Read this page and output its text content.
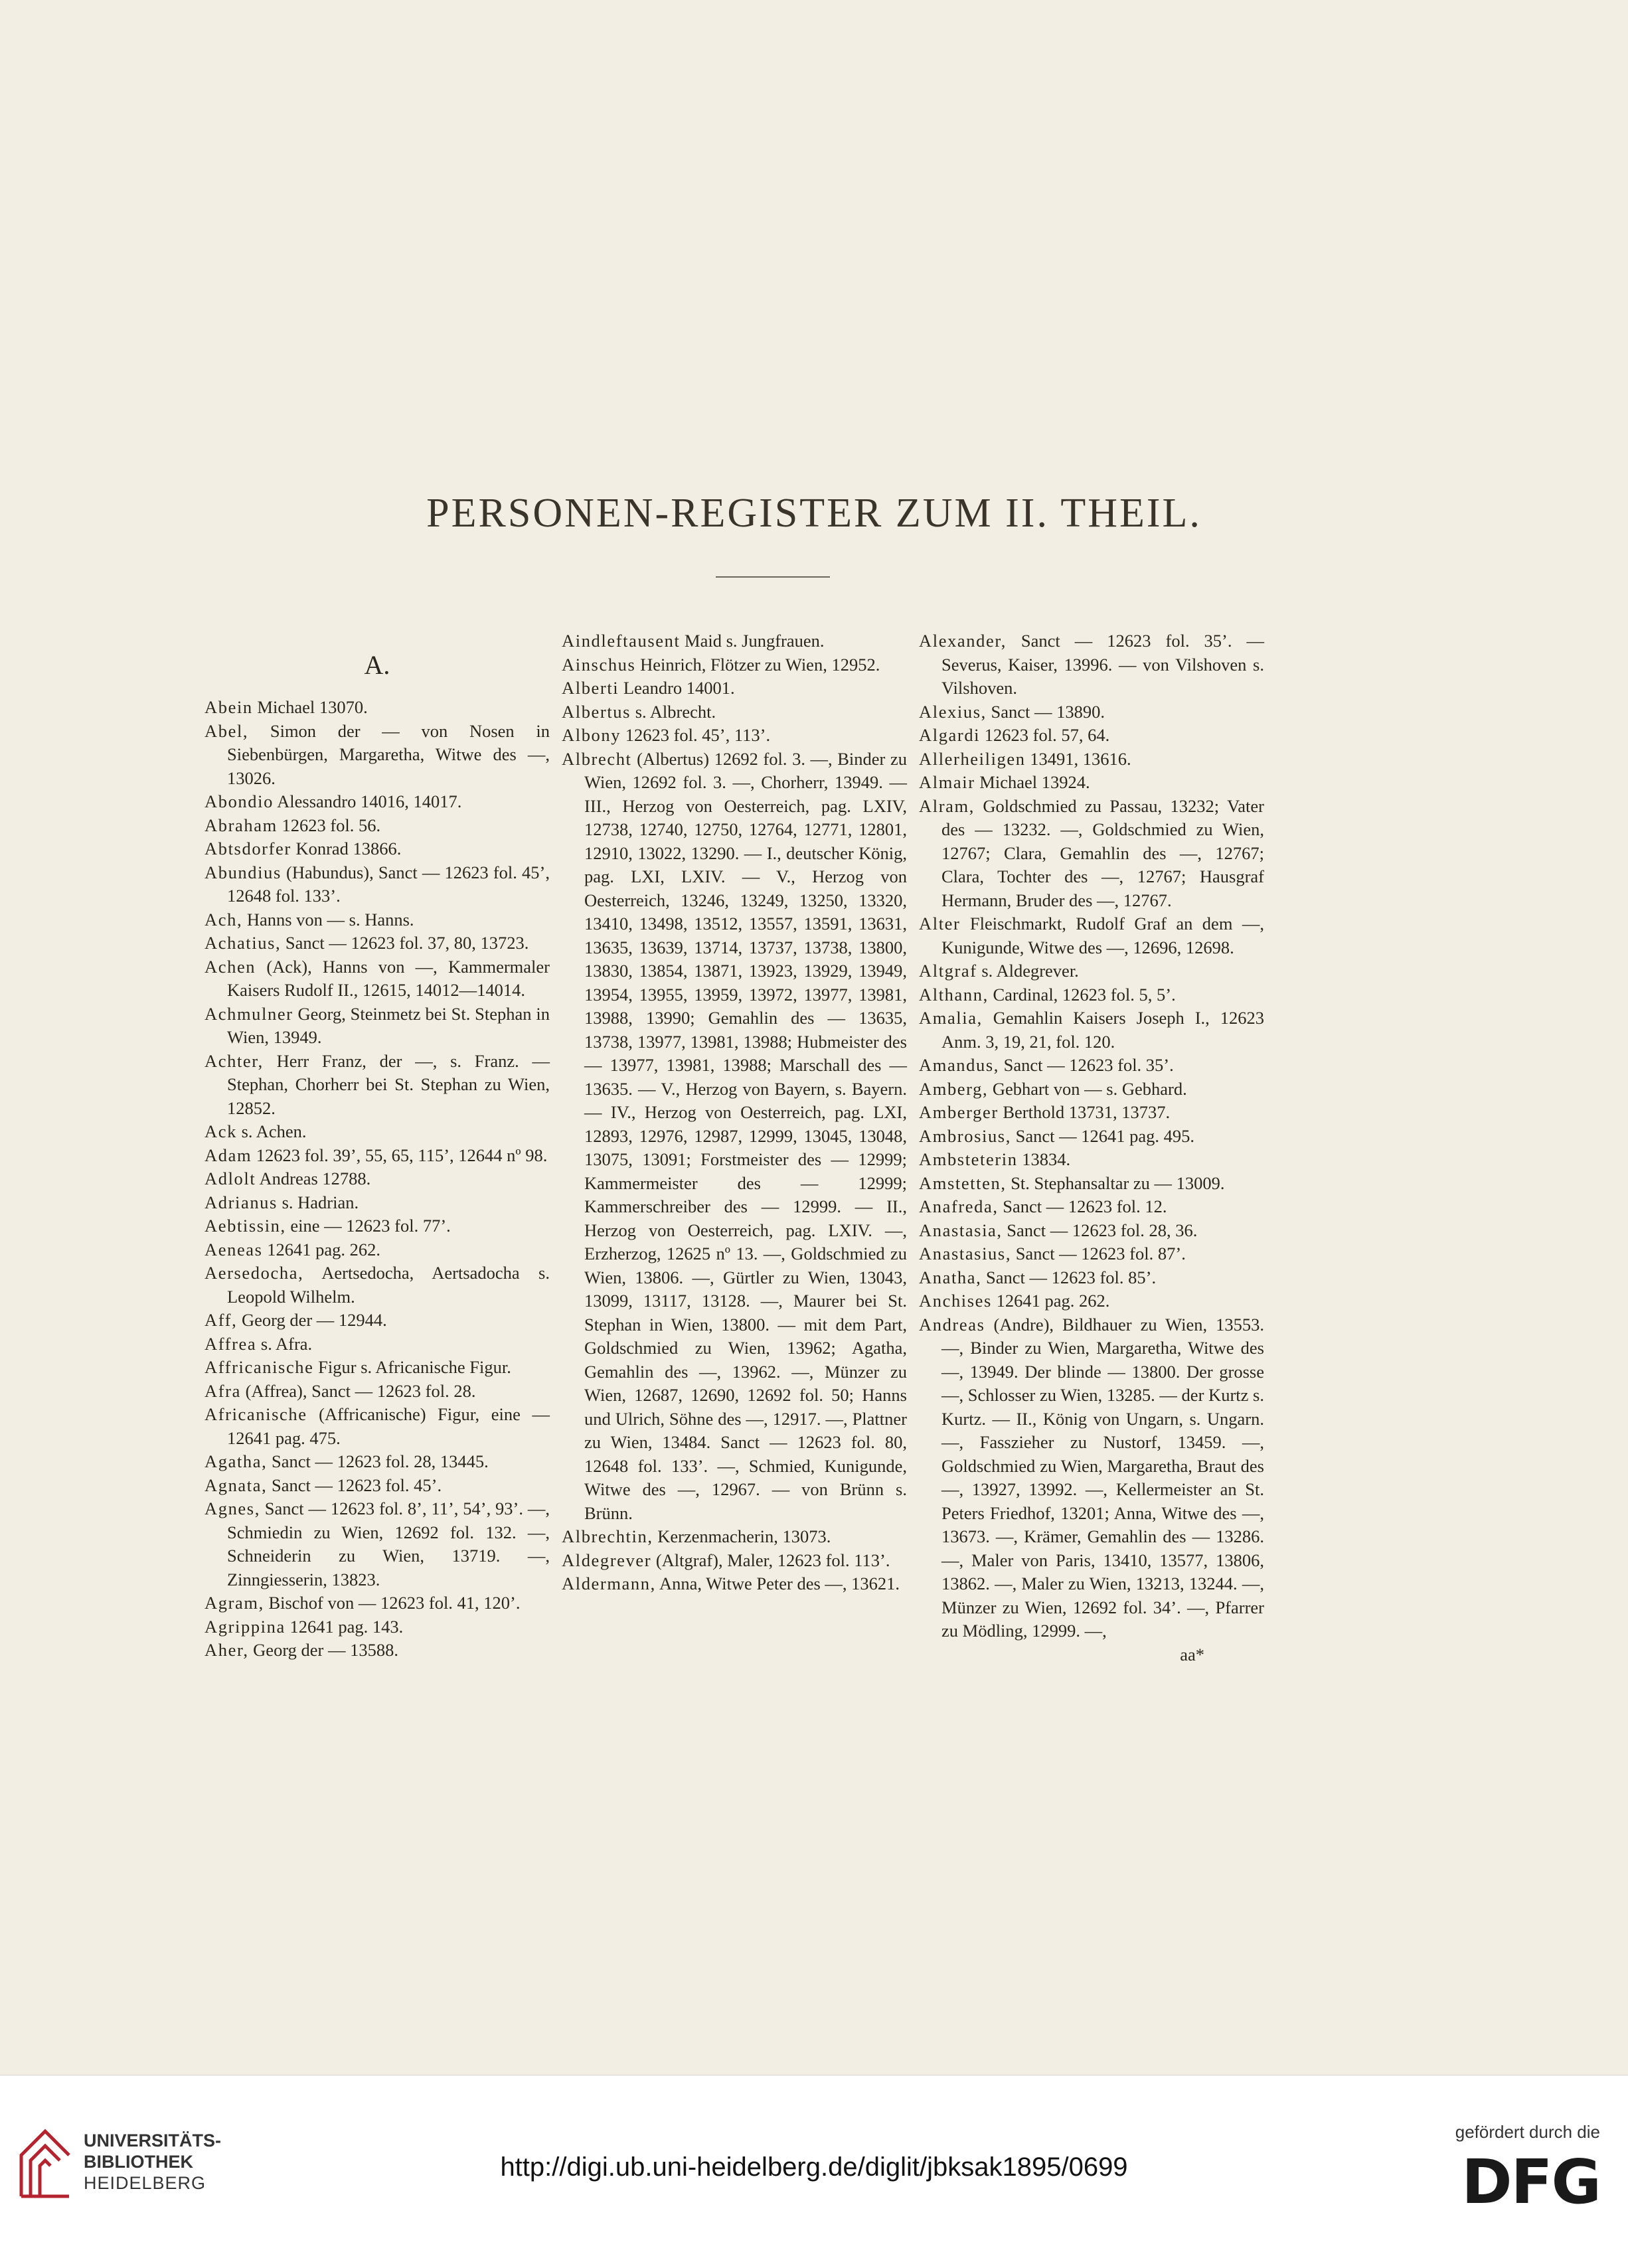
PERSONEN-REGISTER ZUM II. THEIL.
A.

Abein Michael 13070.

Abel, Simon der — von Nosen in Siebenbürgen, Margaretha, Witwe des —, 13026.

Abondio Alessandro 14016, 14017.

Abraham 12623 fol. 56.

Abtsdorfer Konrad 13866.

Abundius (Habundus), Sanct — 12623 fol. 45’, 12648 fol. 133’.

Ach, Hanns von — s. Hanns.

Achatius, Sanct — 12623 fol. 37, 80, 13723.

Achen (Ack), Hanns von —, Kammermaler Kaisers Rudolf II., 12615, 14012—14014.

Achmulner Georg, Steinmetz bei St. Stephan in Wien, 13949.

Achter, Herr Franz, der —, s. Franz. — Stephan, Chorherr bei St. Stephan zu Wien, 12852.

Ack s. Achen.

Adam 12623 fol. 39’, 55, 65, 115’, 12644 nº 98.

Adlolt Andreas 12788.

Adrianus s. Hadrian.

Aebtissin, eine — 12623 fol. 77’.

Aeneas 12641 pag. 262.

Aersedocha, Aertsedocha, Aertsadocha s. Leopold Wilhelm.

Aff, Georg der — 12944.

Affrea s. Afra.

Affricanische Figur s. Africanische Figur.

Afra (Affrea), Sanct — 12623 fol. 28.

Africanische (Affricanische) Figur, eine — 12641 pag. 475.

Agatha, Sanct — 12623 fol. 28, 13445.

Agnata, Sanct — 12623 fol. 45’.

Agnes, Sanct — 12623 fol. 8’, 11’, 54’, 93’. —, Schmiedin zu Wien, 12692 fol. 132. —, Schneiderin zu Wien, 13719. —, Zinngiesserin, 13823.

Agram, Bischof von — 12623 fol. 41, 120’.

Agrippina 12641 pag. 143.

Aher, Georg der — 13588.

Aindleftausent Maid s. Jungfrauen.

Ainschus Heinrich, Flötzer zu Wien, 12952.

Alberti Leandro 14001.

Albertus s. Albrecht.

Albony 12623 fol. 45’, 113’.

Albrecht (Albertus) 12692 fol. 3. —, Binder zu Wien, 12692 fol. 3. —, Chorherr, 13949. — III., Herzog von Oesterreich, pag. LXIV, 12738, 12740, 12750, 12764, 12771, 12801, 12910, 13022, 13290. — I., deutscher König, pag. LXI, LXIV. — V., Herzog von Oesterreich, 13246, 13249, 13250, 13320, 13410, 13498, 13512, 13557, 13591, 13631, 13635, 13639, 13714, 13737, 13738, 13800, 13830, 13854, 13871, 13923, 13929, 13949, 13954, 13955, 13959, 13972, 13977, 13981, 13988, 13990; Gemahlin des — 13635, 13738, 13977, 13981, 13988; Hubmeister des — 13977, 13981, 13988; Marschall des — 13635. — V., Herzog von Bayern, s. Bayern. — IV., Herzog von Oesterreich, pag. LXI, 12893, 12976, 12987, 12999, 13045, 13048, 13075, 13091; Forstmeister des — 12999; Kammermeister des — 12999; Kammerschreiber des — 12999. — II., Herzog von Oesterreich, pag. LXIV. —, Erzherzog, 12625 nº 13. —, Goldschmied zu Wien, 13806. —, Gürtler zu Wien, 13043, 13099, 13117, 13128. —, Maurer bei St. Stephan in Wien, 13800. — mit dem Part, Goldschmied zu Wien, 13962; Agatha, Gemahlin des —, 13962. —, Münzer zu Wien, 12687, 12690, 12692 fol. 50; Hanns und Ulrich, Söhne des —, 12917. —, Plattner zu Wien, 13484. Sanct — 12623 fol. 80, 12648 fol. 133’. —, Schmied, Kunigunde, Witwe des —, 12967. — von Brünn s. Brünn.

Albrechtin, Kerzenmacherin, 13073.

Aldegrever (Altgraf), Maler, 12623 fol. 113’.

Aldermann, Anna, Witwe Peter des —, 13621.

Alexander, Sanct — 12623 fol. 35’. — Severus, Kaiser, 13996. — von Vilshoven s. Vilshoven.

Alexius, Sanct — 13890.

Algardi 12623 fol. 57, 64.

Allerheiligen 13491, 13616.

Almair Michael 13924.

Alram, Goldschmied zu Passau, 13232; Vater des — 13232. —, Goldschmied zu Wien, 12767; Clara, Gemahlin des —, 12767; Clara, Tochter des —, 12767; Hausgraf Hermann, Bruder des —, 12767.

Alter Fleischmarkt, Rudolf Graf an dem —, Kunigunde, Witwe des —, 12696, 12698.

Altgraf s. Aldegrever.

Althann, Cardinal, 12623 fol. 5, 5’.

Amalia, Gemahlin Kaisers Joseph I., 12623 Anm. 3, 19, 21, fol. 120.

Amandus, Sanct — 12623 fol. 35’.

Amberg, Gebhart von — s. Gebhard.

Amberger Berthold 13731, 13737.

Ambrosius, Sanct — 12641 pag. 495.

Ambsteterin 13834.

Amstetten, St. Stephansaltar zu — 13009.

Anafreda, Sanct — 12623 fol. 12.

Anastasia, Sanct — 12623 fol. 28, 36.

Anastasius, Sanct — 12623 fol. 87’.

Anatha, Sanct — 12623 fol. 85’.

Anchises 12641 pag. 262.

Andreas (Andre), Bildhauer zu Wien, 13553. —, Binder zu Wien, Margaretha, Witwe des —, 13949. Der blinde — 13800. Der grosse —, Schlosser zu Wien, 13285. — der Kurtz s. Kurtz. — II., König von Ungarn, s. Ungarn. —, Fasszieher zu Nustorf, 13459. —, Goldschmied zu Wien, Margaretha, Braut des —, 13927, 13992. —, Kellermeister an St. Peters Friedhof, 13201; Anna, Witwe des —, 13673. —, Krämer, Gemahlin des — 13286. —, Maler von Paris, 13410, 13577, 13806, 13862. —, Maler zu Wien, 13213, 13244. —, Münzer zu Wien, 12692 fol. 34’. —, Pfarrer zu Mödling, 12999. —,

aa*
UNIVERSITÄTS-
BIBLIOTHEK
HEIDELBERG
http://digi.ub.uni-heidelberg.de/diglit/jbksak1895/0699
gefördert durch die
DFG
